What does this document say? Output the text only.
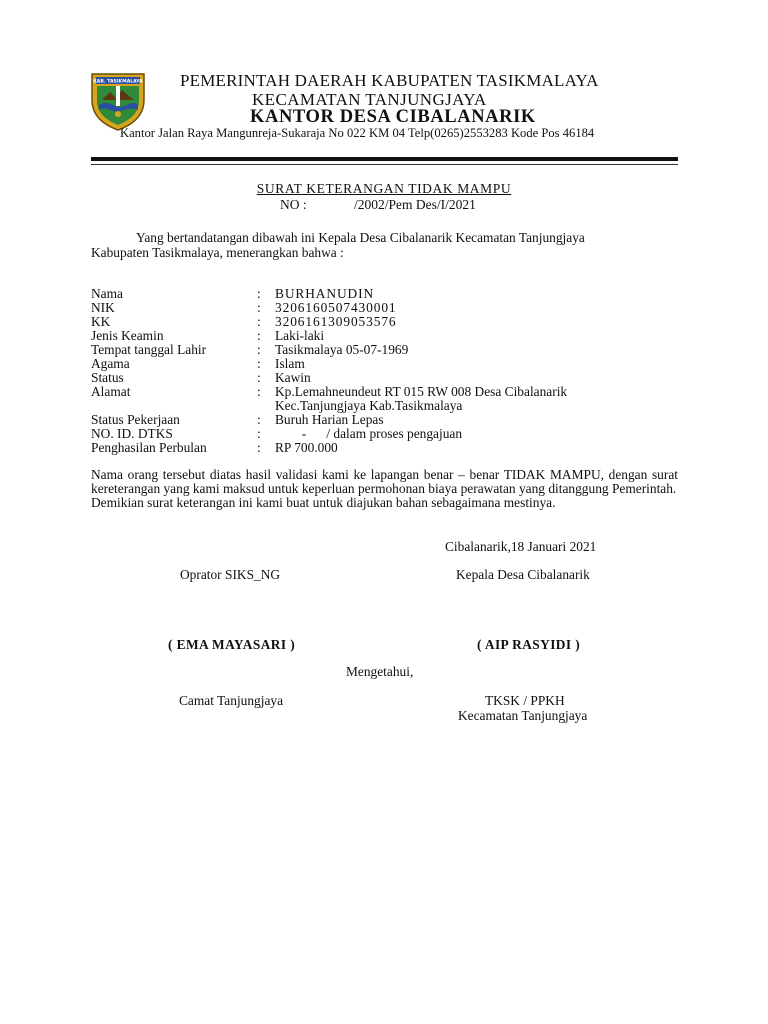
KAB. TASIKMALAYA PEMERINTAH DAERAH KABUPATEN TASIKMALAYA
KECAMATAN TANJUNGJAYA
KANTOR DESA CIBALANARIK
Kantor Jalan Raya Mangunreja-Sukaraja No 022 KM 04 Telp(0265)2553283 Kode Pos 46184
SURAT KETERANGAN TIDAK MAMPU
NO :	/2002/Pem Des/I/2021
Yang bertandatangan dibawah ini Kepala Desa Cibalanarik Kecamatan Tanjungjaya
Kabupaten Tasikmalaya, menerangkan bahwa :
Nama	: BURHANUDIN
NIK	: 3206160507430001
KK	: 3206161309053576
Jenis Keamin	: Laki-laki
Tempat tanggal Lahir	: Tasikmalaya 05-07-1969
Agama	: Islam
Status	: Kawin
Alamat	: Kp.Lemahneundeut RT 015 RW 008 Desa Cibalanarik
Kec.Tanjungjaya Kab.Tasikmalaya
Status Pekerjaan	: Buruh Harian Lepas
NO. ID. DTKS	: -      / dalam proses pengajuan
Penghasilan Perbulan	: RP 700.000

Nama orang tersebut diatas hasil validasi kami ke lapangan benar – benar TIDAK MAMPU, dengan surat kereterangan yang kami maksud untuk keperluan permohonan biaya perawatan yang ditanggung Pemerintah.

Demikian surat keterangan ini kami buat untuk diajukan bahan sebagaimana mestinya.

Cibalanarik,18 Januari 2021
Oprator SIKS_NG	Kepala Desa Cibalanarik
( EMA MAYASARI )	( AIP RASYIDI )
Mengetahui,
Camat Tanjungjaya	TKSK / PPKH
Kecamatan Tanjungjaya
